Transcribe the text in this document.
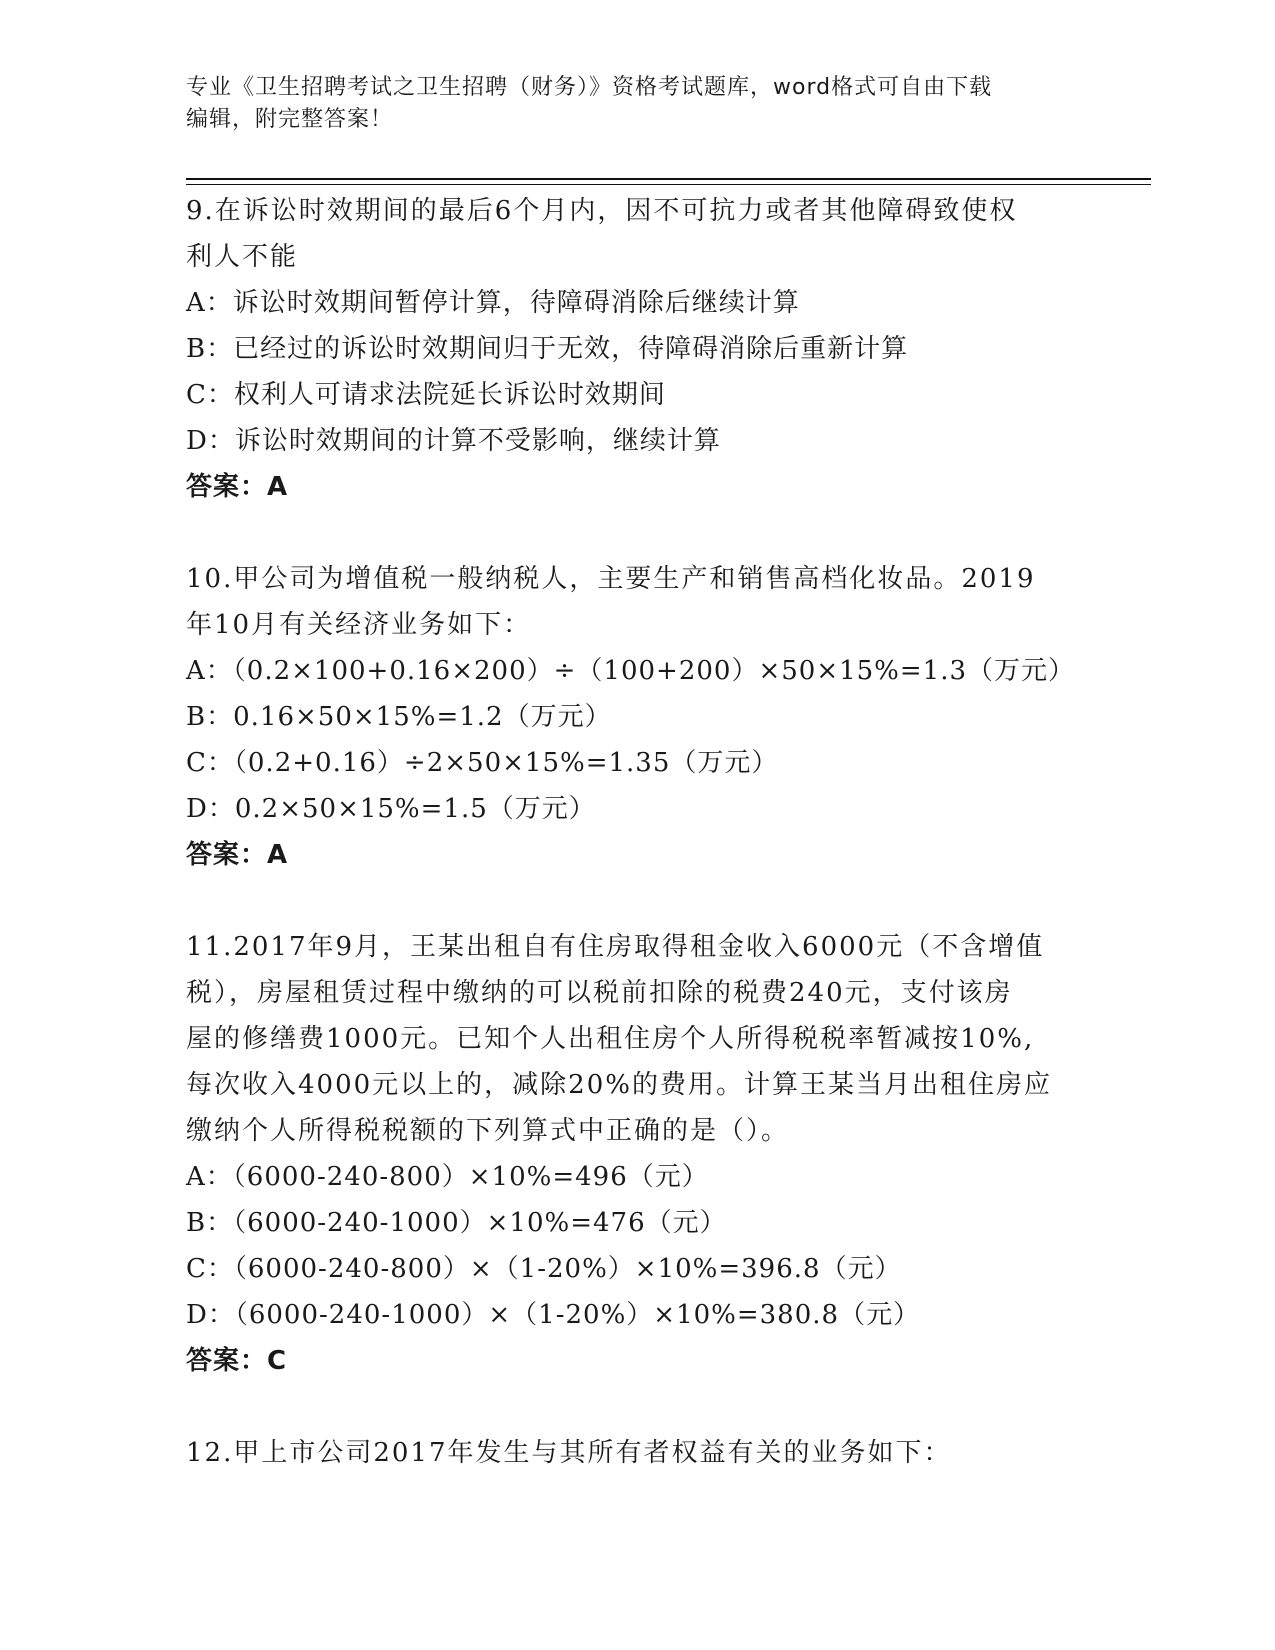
专业《卫生招聘考试之卫生招聘（财务）》资格考试题库，word格式可自由下载
编辑，附完整答案！
9.在诉讼时效期间的最后6个月内，因不可抗力或者其他障碍致使权
利人不能
A：诉讼时效期间暂停计算，待障碍消除后继续计算
B：已经过的诉讼时效期间归于无效，待障碍消除后重新计算
C：权利人可请求法院延长诉讼时效期间
D：诉讼时效期间的计算不受影响，继续计算
答案：A
10.甲公司为增值税一般纳税人，主要生产和销售高档化妆品。2019
年10月有关经济业务如下：
A：（0.2×100+0.16×200）÷（100+200）×50×15%=1.3（万元）
B：0.16×50×15%=1.2（万元）
C：（0.2+0.16）÷2×50×15%=1.35（万元）
D：0.2×50×15%=1.5（万元）
答案：A
11.2017年9月，王某出租自有住房取得租金收入6000元（不含增值
税），房屋租赁过程中缴纳的可以税前扣除的税费240元，支付该房
屋的修缮费1000元。已知个人出租住房个人所得税税率暂减按10%,
每次收入4000元以上的，减除20%的费用。计算王某当月出租住房应
缴纳个人所得税税额的下列算式中正确的是（）。
A：（6000-240-800）×10%=496（元）
B：（6000-240-1000）×10%=476（元）
C：（6000-240-800）×（1-20%）×10%=396.8（元）
D：（6000-240-1000）×（1-20%）×10%=380.8（元）
答案：C
12.甲上市公司2017年发生与其所有者权益有关的业务如下：
